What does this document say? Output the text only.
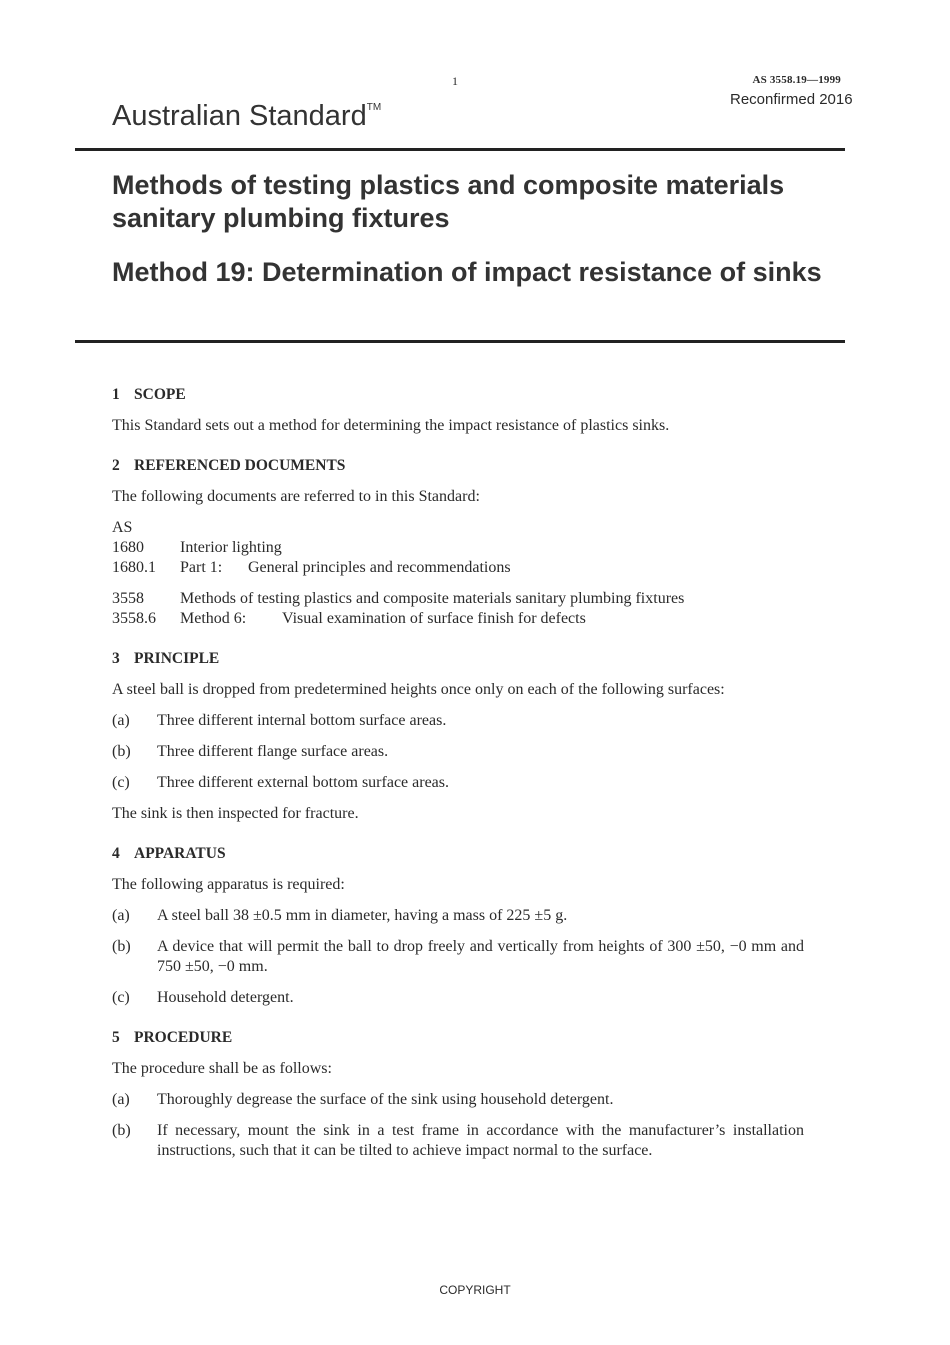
1	AS 3558.19—1999
Reconfirmed 2016
Australian Standard™
Methods of testing plastics and composite materials sanitary plumbing fixtures
Method 19: Determination of impact resistance of sinks
1 SCOPE

This Standard sets out a method for determining the impact resistance of plastics sinks.

2 REFERENCED DOCUMENTS

The following documents are referred to in this Standard:

AS
1680	Interior lighting
1680.1	Part 1:	General principles and recommendations
3558	Methods of testing plastics and composite materials sanitary plumbing fixtures
3558.6	Method 6:	Visual examination of surface finish for defects
3 PRINCIPLE

A steel ball is dropped from predetermined heights once only on each of the following surfaces:

(a)	Three different internal bottom surface areas.
(b)	Three different flange surface areas.
(c)	Three different external bottom surface areas.

The sink is then inspected for fracture.

4 APPARATUS

The following apparatus is required:

(a)	A steel ball 38 ±0.5 mm in diameter, having a mass of 225 ±5 g.
(b)	A device that will permit the ball to drop freely and vertically from heights of 300 ±50, −0 mm and 750 ±50, −0 mm.
(c)	Household detergent.
5 PROCEDURE

The procedure shall be as follows:

(a)	Thoroughly degrease the surface of the sink using household detergent.
(b)	If necessary, mount the sink in a test frame in accordance with the manufacturer’s installation instructions, such that it can be tilted to achieve impact normal to the surface.
COPYRIGHT
